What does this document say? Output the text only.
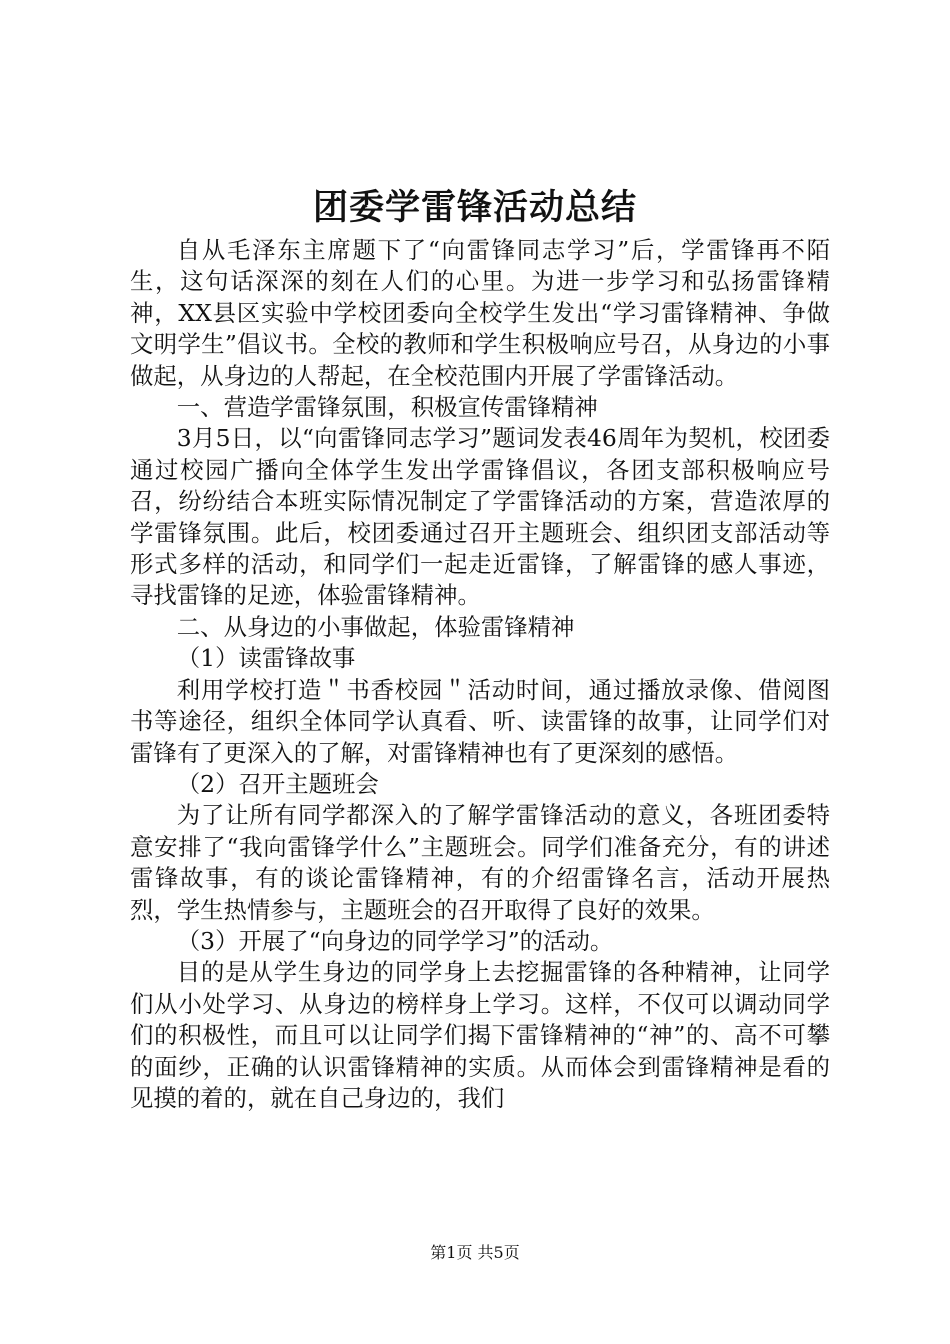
团委学雷锋活动总结

自从毛泽东主席题下了“向雷锋同志学习”后，学雷锋再不陌生，这句话深深的刻在人们的心里。为进一步学习和弘扬雷锋精神，XX县区实验中学校团委向全校学生发出“学习雷锋精神、争做文明学生”倡议书。全校的教师和学生积极响应号召，从身边的小事做起，从身边的人帮起，在全校范围内开展了学雷锋活动。

一、营造学雷锋氛围，积极宣传雷锋精神

3月5日，以“向雷锋同志学习”题词发表46周年为契机，校团委通过校园广播向全体学生发出学雷锋倡议，各团支部积极响应号召，纷纷结合本班实际情况制定了学雷锋活动的方案，营造浓厚的学雷锋氛围。此后，校团委通过召开主题班会、组织团支部活动等形式多样的活动，和同学们一起走近雷锋，了解雷锋的感人事迹，寻找雷锋的足迹，体验雷锋精神。

二、从身边的小事做起，体验雷锋精神

（1）读雷锋故事

利用学校打造＂书香校园＂活动时间，通过播放录像、借阅图书等途径，组织全体同学认真看、听、读雷锋的故事，让同学们对雷锋有了更深入的了解，对雷锋精神也有了更深刻的感悟。

（2）召开主题班会

为了让所有同学都深入的了解学雷锋活动的意义，各班团委特意安排了“我向雷锋学什么”主题班会。同学们准备充分，有的讲述雷锋故事，有的谈论雷锋精神，有的介绍雷锋名言，活动开展热烈，学生热情参与，主题班会的召开取得了良好的效果。

（3）开展了“向身边的同学学习”的活动。

目的是从学生身边的同学身上去挖掘雷锋的各种精神，让同学们从小处学习、从身边的榜样身上学习。这样，不仅可以调动同学们的积极性，而且可以让同学们揭下雷锋精神的“神”的、高不可攀的面纱，正确的认识雷锋精神的实质。从而体会到雷锋精神是看的见摸的着的，就在自己身边的，我们

第1页 共5页
